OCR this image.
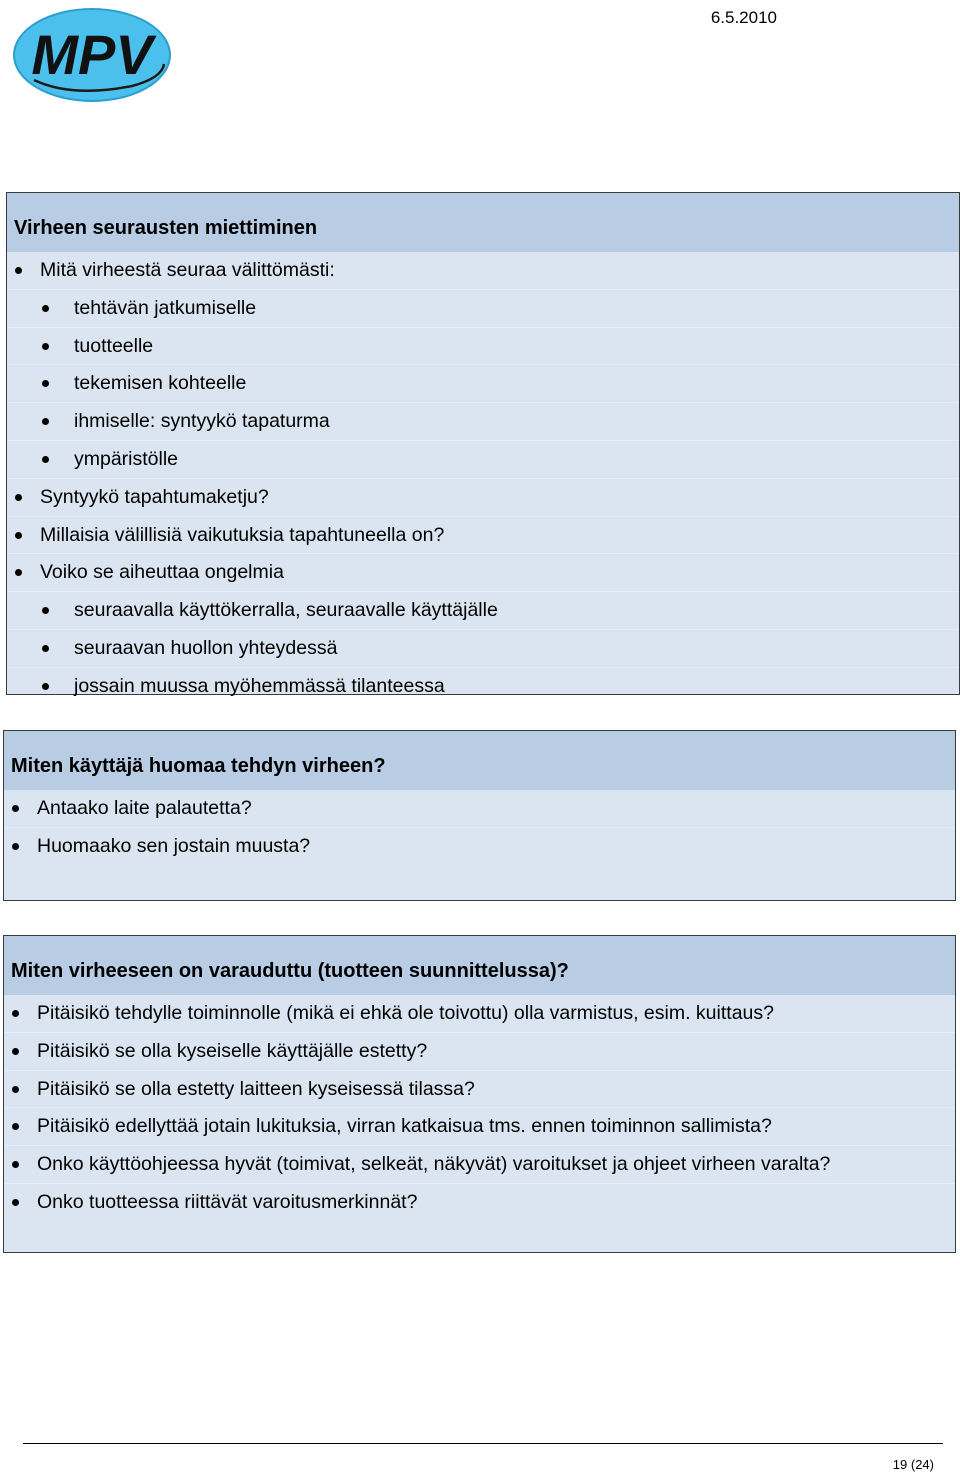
MPV
6.5.2010
Virheen seurausten miettiminen
Mitä virheestä seuraa välittömästi:
tehtävän jatkumiselle
tuotteelle
tekemisen kohteelle
ihmiselle: syntyykö tapaturma
ympäristölle
Syntyykö tapahtumaketju?
Millaisia välillisiä vaikutuksia tapahtuneella on?
Voiko se aiheuttaa ongelmia
seuraavalla käyttökerralla, seuraavalle käyttäjälle
seuraavan huollon yhteydessä
jossain muussa myöhemmässä tilanteessa
Miten käyttäjä huomaa tehdyn virheen?
Antaako laite palautetta?
Huomaako sen jostain muusta?
Miten virheeseen on varauduttu (tuotteen suunnittelussa)?
Pitäisikö tehdylle toiminnolle (mikä ei ehkä ole toivottu) olla varmistus, esim. kuittaus?
Pitäisikö se olla kyseiselle käyttäjälle estetty?
Pitäisikö se olla estetty laitteen kyseisessä tilassa?
Pitäisikö edellyttää jotain lukituksia, virran katkaisua tms. ennen toiminnon sallimista?
Onko käyttöohjeessa hyvät (toimivat, selkeät, näkyvät) varoitukset ja ohjeet virheen varalta?
Onko tuotteessa riittävät varoitusmerkinnät?
19 (24)
